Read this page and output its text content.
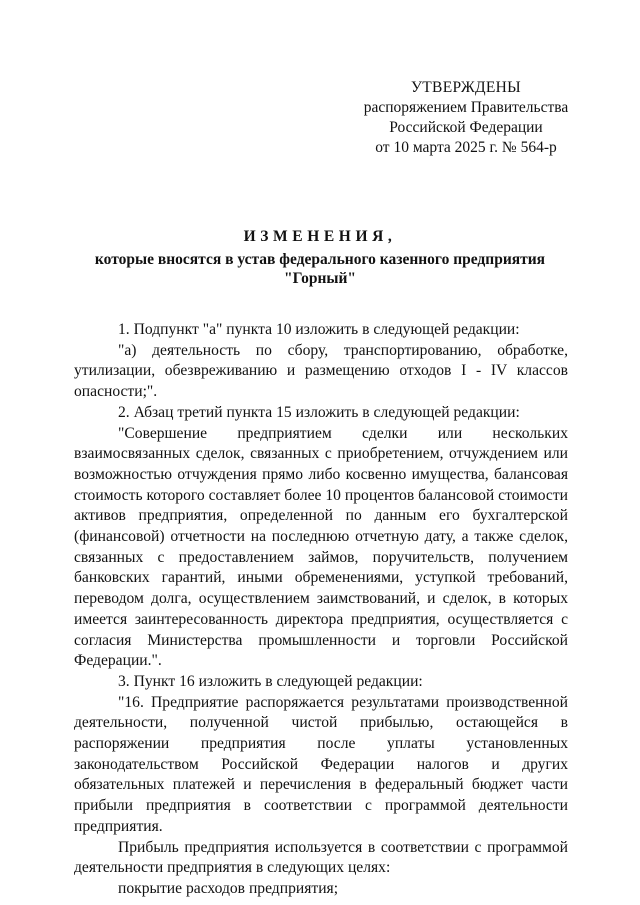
УТВЕРЖДЕНЫ
распоряжением Правительства
Российской Федерации
от 10 марта 2025 г. № 564-р
ИЗМЕНЕНИЯ,
которые вносятся в устав федерального казенного предприятия
"Горный"

1. Подпункт "а" пункта 10 изложить в следующей редакции:

"а) деятельность по сбору, транспортированию, обработке, утилизации, обезвреживанию и размещению отходов I - IV классов опасности;".

2. Абзац третий пункта 15 изложить в следующей редакции:

"Совершение предприятием сделки или нескольких взаимосвязанных сделок, связанных с приобретением, отчуждением или возможностью отчуждения прямо либо косвенно имущества, балансовая стоимость которого составляет более 10 процентов балансовой стоимости активов предприятия, определенной по данным его бухгалтерской (финансовой) отчетности на последнюю отчетную дату, а также сделок, связанных с предоставлением займов, поручительств, получением банковских гарантий, иными обременениями, уступкой требований, переводом долга, осуществлением заимствований, и сделок, в которых имеется заинтересованность директора предприятия, осуществляется с согласия Министерства промышленности и торговли Российской Федерации.".

3. Пункт 16 изложить в следующей редакции:

"16. Предприятие распоряжается результатами производственной деятельности, полученной чистой прибылью, остающейся в распоряжении предприятия после уплаты установленных законодательством Российской Федерации налогов и других обязательных платежей и перечисления в федеральный бюджет части прибыли предприятия в соответствии с программой деятельности предприятия.

Прибыль предприятия используется в соответствии с программой деятельности предприятия в следующих целях:

покрытие расходов предприятия;
